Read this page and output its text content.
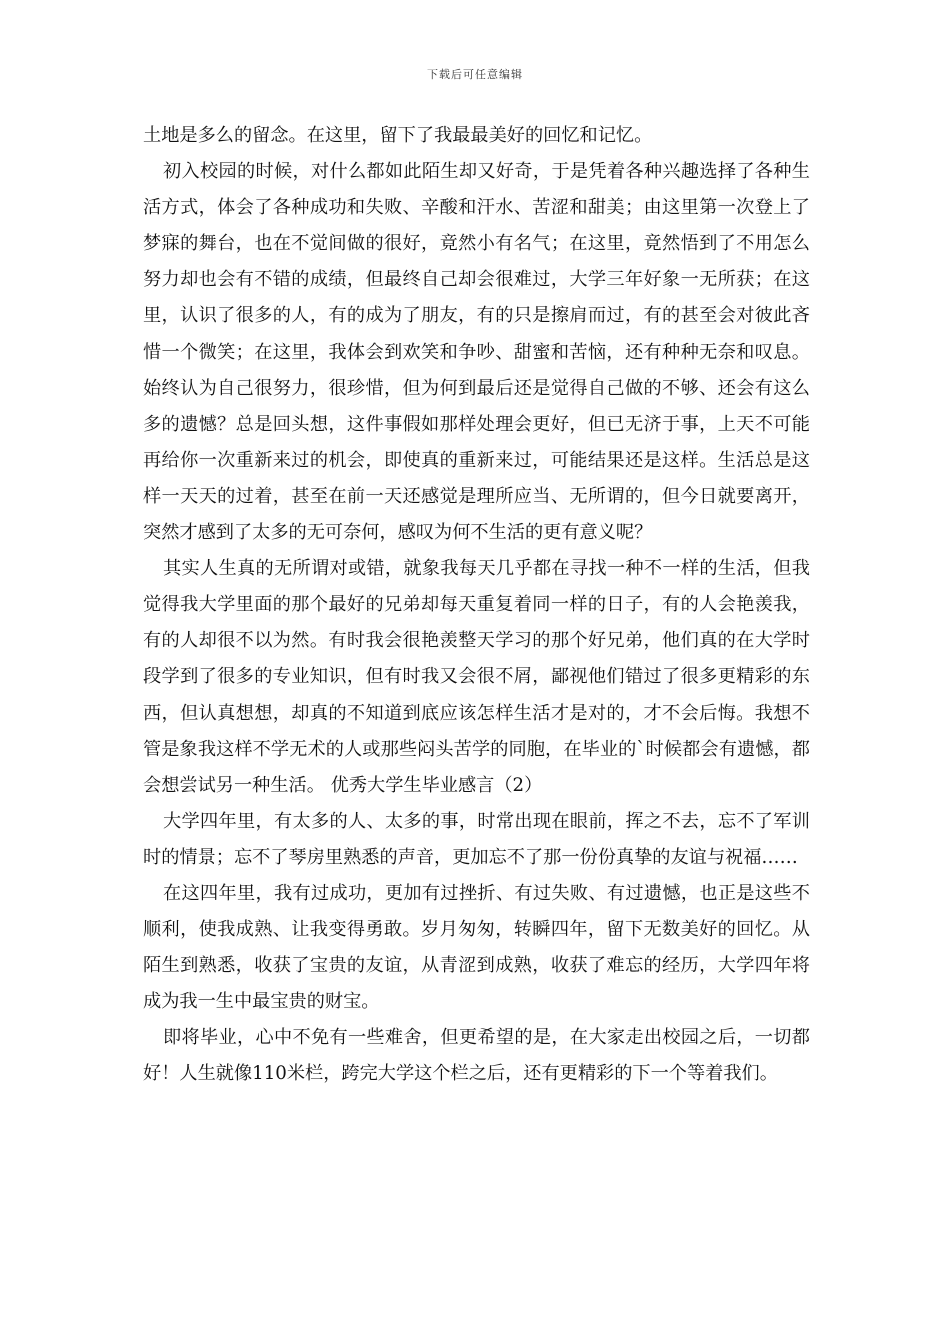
下载后可任意编辑

土地是多么的留念。在这里，留下了我最最美好的回忆和记忆。

初入校园的时候，对什么都如此陌生却又好奇，于是凭着各种兴趣选择了各种生活方式，体会了各种成功和失败、辛酸和汗水、苦涩和甜美；由这里第一次登上了梦寐的舞台，也在不觉间做的很好，竟然小有名气；在这里，竟然悟到了不用怎么努力却也会有不错的成绩，但最终自己却会很难过，大学三年好象一无所获；在这里，认识了很多的人，有的成为了朋友，有的只是擦肩而过，有的甚至会对彼此吝惜一个微笑；在这里，我体会到欢笑和争吵、甜蜜和苦恼，还有种种无奈和叹息。始终认为自己很努力，很珍惜，但为何到最后还是觉得自己做的不够、还会有这么多的遗憾？总是回头想，这件事假如那样处理会更好，但已无济于事，上天不可能再给你一次重新来过的机会，即使真的重新来过，可能结果还是这样。生活总是这样一天天的过着，甚至在前一天还感觉是理所应当、无所谓的，但今日就要离开，突然才感到了太多的无可奈何，感叹为何不生活的更有意义呢？

其实人生真的无所谓对或错，就象我每天几乎都在寻找一种不一样的生活，但我觉得我大学里面的那个最好的兄弟却每天重复着同一样的日子，有的人会艳羡我，有的人却很不以为然。有时我会很艳羡整天学习的那个好兄弟，他们真的在大学时段学到了很多的专业知识，但有时我又会很不屑，鄙视他们错过了很多更精彩的东西，但认真想想，却真的不知道到底应该怎样生活才是对的，才不会后悔。我想不管是象我这样不学无术的人或那些闷头苦学的同胞，在毕业的`时候都会有遗憾，都会想尝试另一种生活。 优秀大学生毕业感言（2）

大学四年里，有太多的人、太多的事，时常出现在眼前，挥之不去，忘不了军训时的情景；忘不了琴房里熟悉的声音，更加忘不了那一份份真挚的友谊与祝福……

在这四年里，我有过成功，更加有过挫折、有过失败、有过遗憾，也正是这些不顺利，使我成熟、让我变得勇敢。岁月匆匆，转瞬四年，留下无数美好的回忆。从陌生到熟悉，收获了宝贵的友谊，从青涩到成熟，收获了难忘的经历，大学四年将成为我一生中最宝贵的财宝。

即将毕业，心中不免有一些难舍，但更希望的是，在大家走出校园之后，一切都好！人生就像110米栏，跨完大学这个栏之后，还有更精彩的下一个等着我们。
